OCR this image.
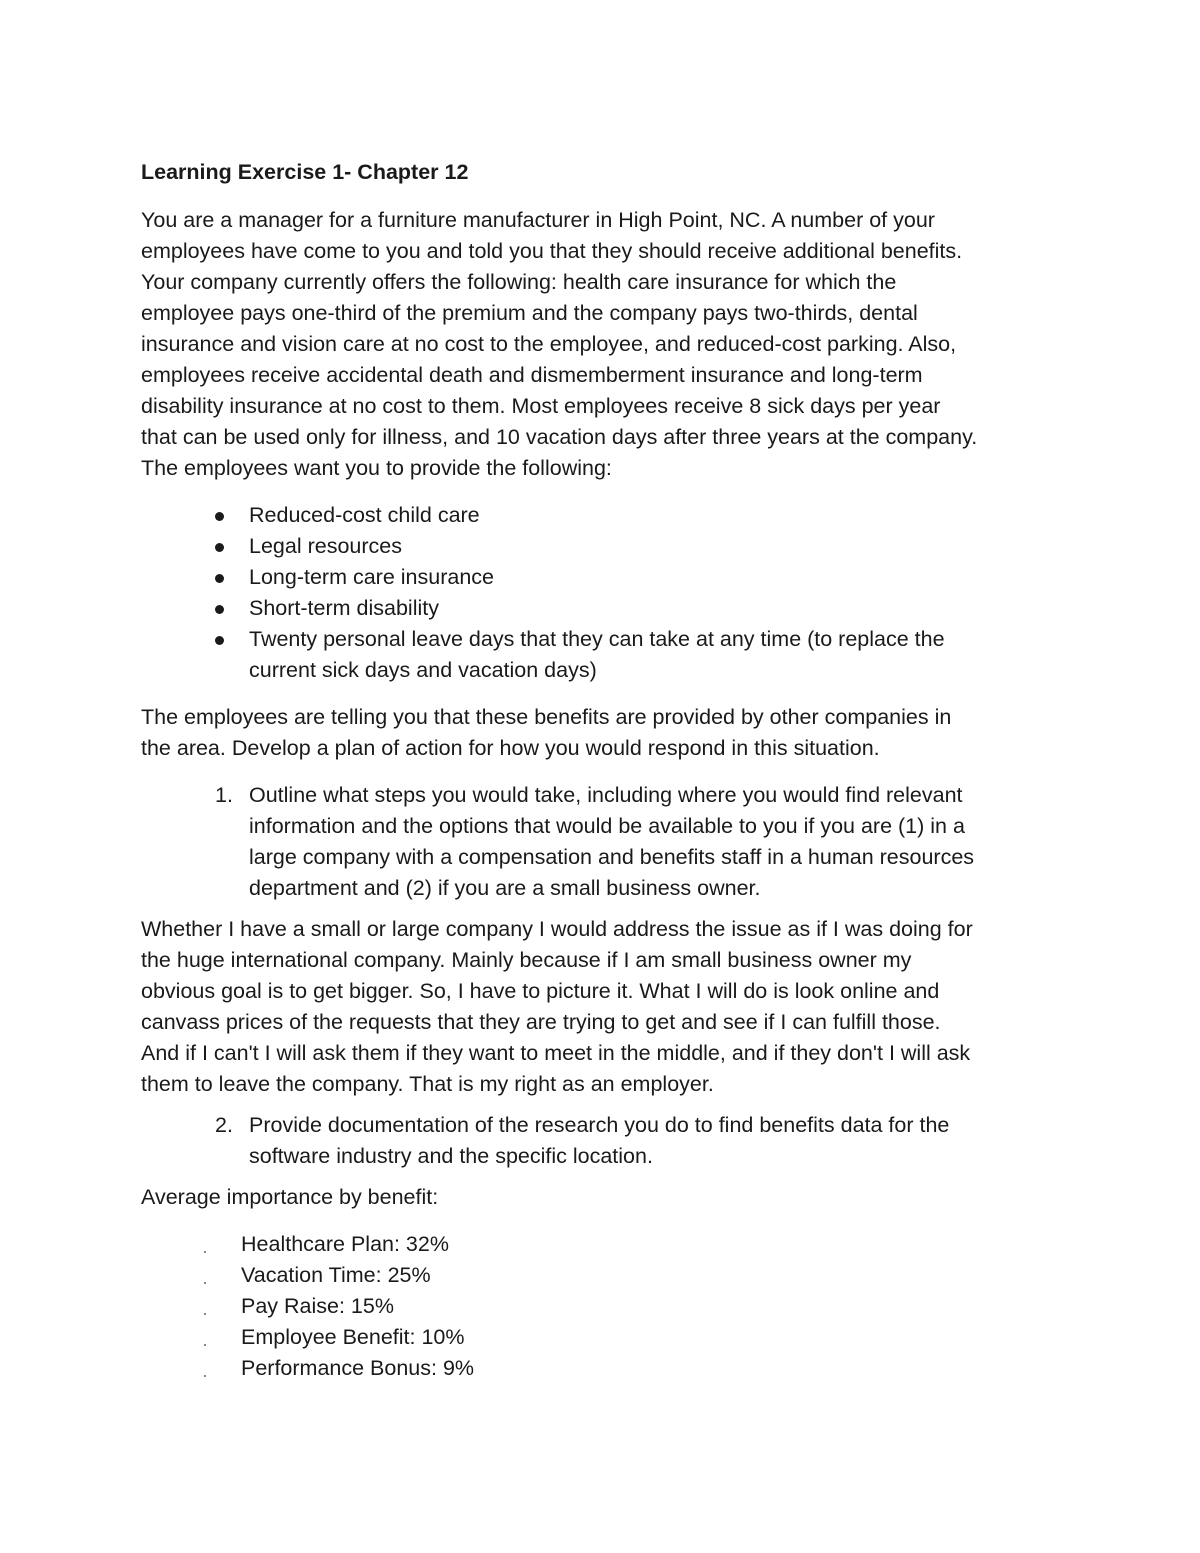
Learning Exercise 1- Chapter 12

You are a manager for a furniture manufacturer in High Point, NC. A number of your
employees have come to you and told you that they should receive additional benefits.
Your company currently offers the following: health care insurance for which the
employee pays one-third of the premium and the company pays two-thirds, dental
insurance and vision care at no cost to the employee, and reduced-cost parking. Also,
employees receive accidental death and dismemberment insurance and long-term
disability insurance at no cost to them. Most employees receive 8 sick days per year
that can be used only for illness, and 10 vacation days after three years at the company.
The employees want you to provide the following:

Reduced-cost child care
Legal resources
Long-term care insurance
Short-term disability
Twenty personal leave days that they can take at any time (to replace the
current sick days and vacation days)

The employees are telling you that these benefits are provided by other companies in
the area. Develop a plan of action for how you would respond in this situation.

1. Outline what steps you would take, including where you would find relevant
information and the options that would be available to you if you are (1) in a
large company with a compensation and benefits staff in a human resources
department and (2) if you are a small business owner.

Whether I have a small or large company I would address the issue as if I was doing for
the huge international company. Mainly because if I am small business owner my
obvious goal is to get bigger. So, I have to picture it. What I will do is look online and
canvass prices of the requests that they are trying to get and see if I can fulfill those.
And if I can't I will ask them if they want to meet in the middle, and if they don't I will ask
them to leave the company. That is my right as an employer.

2. Provide documentation of the research you do to find benefits data for the
software industry and the specific location.

Average importance by benefit:

Healthcare Plan: 32%
Vacation Time: 25%
Pay Raise: 15%
Employee Benefit: 10%
Performance Bonus: 9%
